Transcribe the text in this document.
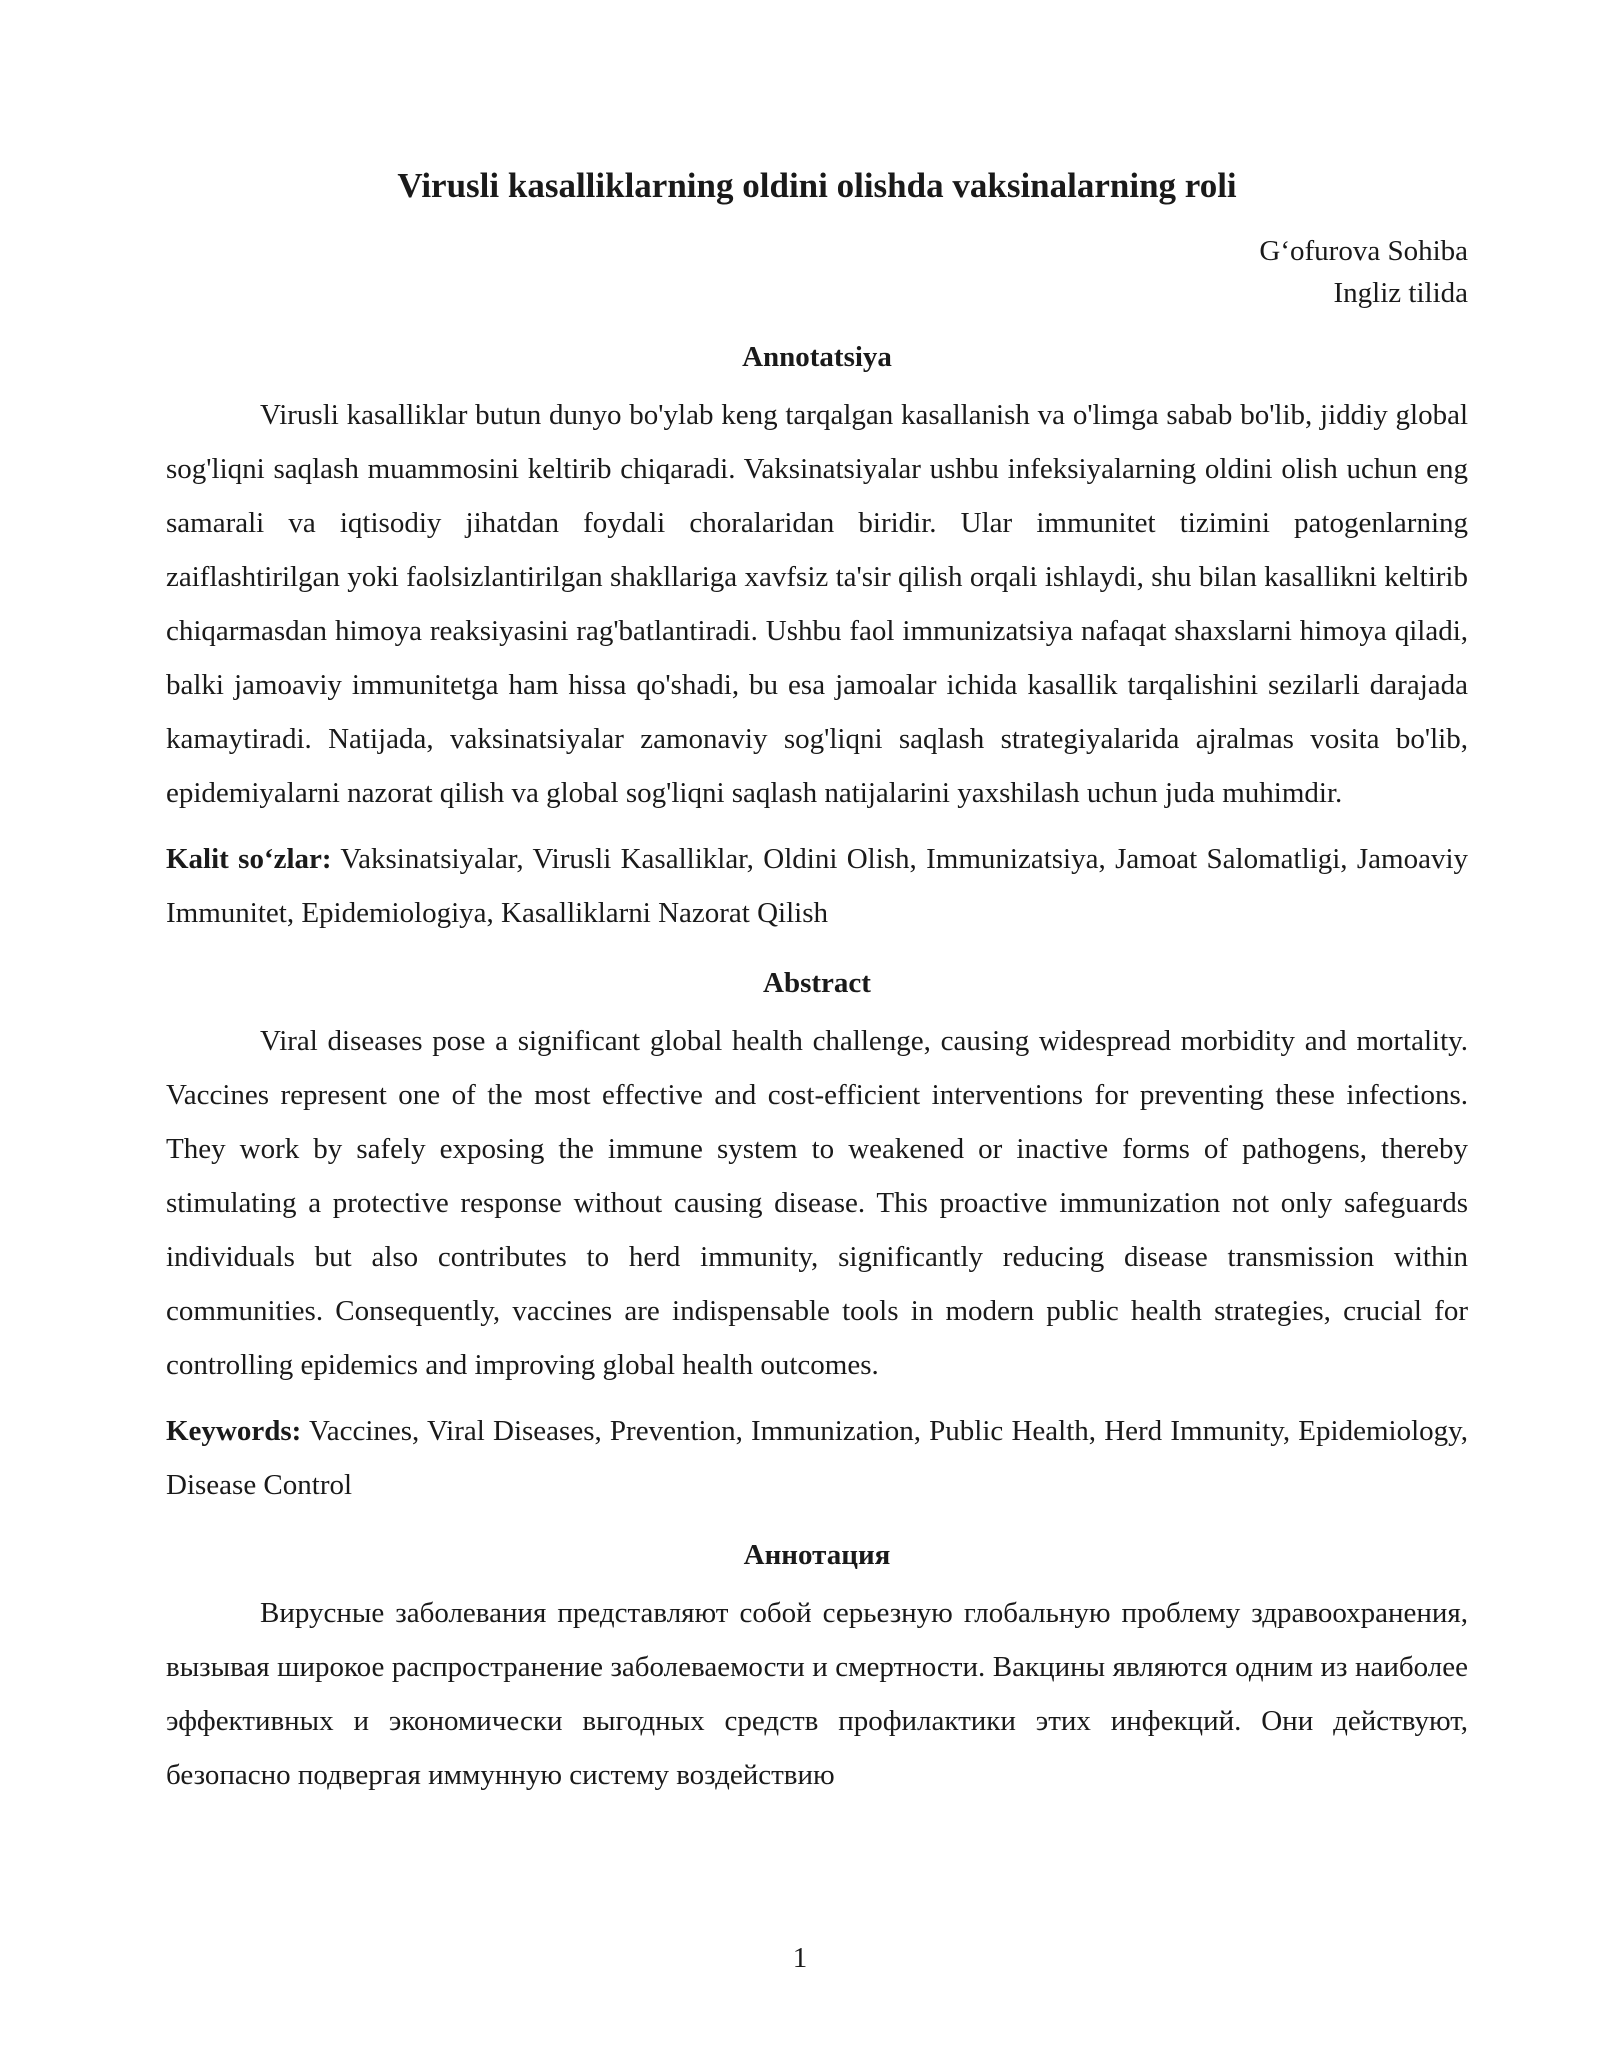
Virusli kasalliklarning oldini olishda vaksinalarning roli

G‘ofurova Sohiba

Ingliz tilida

Annotatsiya

Virusli kasalliklar butun dunyo bo'ylab keng tarqalgan kasallanish va o'limga sabab bo'lib, jiddiy global sog'liqni saqlash muammosini keltirib chiqaradi. Vaksinatsiyalar ushbu infeksiyalarning oldini olish uchun eng samarali va iqtisodiy jihatdan foydali choralaridan biridir. Ular immunitet tizimini patogenlarning zaiflashtirilgan yoki faolsizlantirilgan shakllariga xavfsiz ta'sir qilish orqali ishlaydi, shu bilan kasallikni keltirib chiqarmasdan himoya reaksiyasini rag'batlantiradi. Ushbu faol immunizatsiya nafaqat shaxslarni himoya qiladi, balki jamoaviy immunitetga ham hissa qo'shadi, bu esa jamoalar ichida kasallik tarqalishini sezilarli darajada kamaytiradi. Natijada, vaksinatsiyalar zamonaviy sog'liqni saqlash strategiyalarida ajralmas vosita bo'lib, epidemiyalarni nazorat qilish va global sog'liqni saqlash natijalarini yaxshilash uchun juda muhimdir.

Kalit so‘zlar: Vaksinatsiyalar, Virusli Kasalliklar, Oldini Olish, Immunizatsiya, Jamoat Salomatligi, Jamoaviy Immunitet, Epidemiologiya, Kasalliklarni Nazorat Qilish

Abstract

Viral diseases pose a significant global health challenge, causing widespread morbidity and mortality. Vaccines represent one of the most effective and cost-efficient interventions for preventing these infections. They work by safely exposing the immune system to weakened or inactive forms of pathogens, thereby stimulating a protective response without causing disease. This proactive immunization not only safeguards individuals but also contributes to herd immunity, significantly reducing disease transmission within communities. Consequently, vaccines are indispensable tools in modern public health strategies, crucial for controlling epidemics and improving global health outcomes.

Keywords: Vaccines, Viral Diseases, Prevention, Immunization, Public Health, Herd Immunity, Epidemiology, Disease Control

Аннотация

Вирусные заболевания представляют собой серьезную глобальную проблему здравоохранения, вызывая широкое распространение заболеваемости и смертности. Вакцины являются одним из наиболее эффективных и экономически выгодных средств профилактики этих инфекций. Они действуют, безопасно подвергая иммунную систему воздействию

1
